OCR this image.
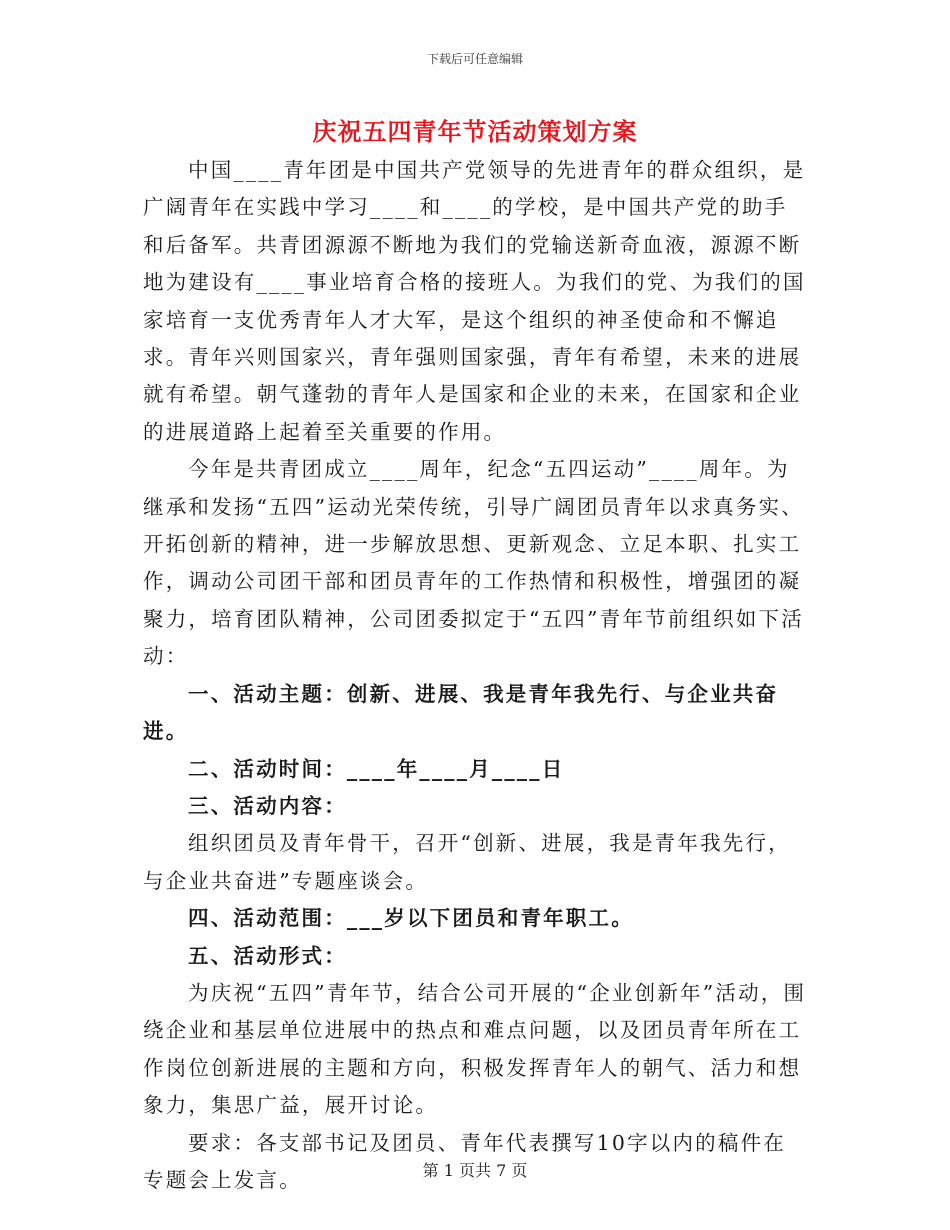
下载后可任意编辑
庆祝五四青年节活动策划方案

中国____青年团是中国共产党领导的先进青年的群众组织，是广阔青年在实践中学习____和____的学校，是中国共产党的助手和后备军。共青团源源不断地为我们的党输送新奇血液，源源不断地为建设有____事业培育合格的接班人。为我们的党、为我们的国家培育一支优秀青年人才大军，是这个组织的神圣使命和不懈追求。青年兴则国家兴，青年强则国家强，青年有希望，未来的进展就有希望。朝气蓬勃的青年人是国家和企业的未来，在国家和企业的进展道路上起着至关重要的作用。

今年是共青团成立____周年，纪念“五四运动”____周年。为继承和发扬“五四”运动光荣传统，引导广阔团员青年以求真务实、开拓创新的精神，进一步解放思想、更新观念、立足本职、扎实工作，调动公司团干部和团员青年的工作热情和积极性，增强团的凝聚力，培育团队精神，公司团委拟定于“五四”青年节前组织如下活动：

一、活动主题：创新、进展、我是青年我先行、与企业共奋进。

二、活动时间：____年____月____日

三、活动内容：

组织团员及青年骨干，召开“创新、进展，我是青年我先行，与企业共奋进”专题座谈会。

四、活动范围：___岁以下团员和青年职工。

五、活动形式：

为庆祝“五四”青年节，结合公司开展的“企业创新年”活动，围绕企业和基层单位进展中的热点和难点问题，以及团员青年所在工作岗位创新进展的主题和方向，积极发挥青年人的朝气、活力和想象力，集思广益，展开讨论。

要求：各支部书记及团员、青年代表撰写10字以内的稿件在专题会上发言。	第 1 页共 7 页
